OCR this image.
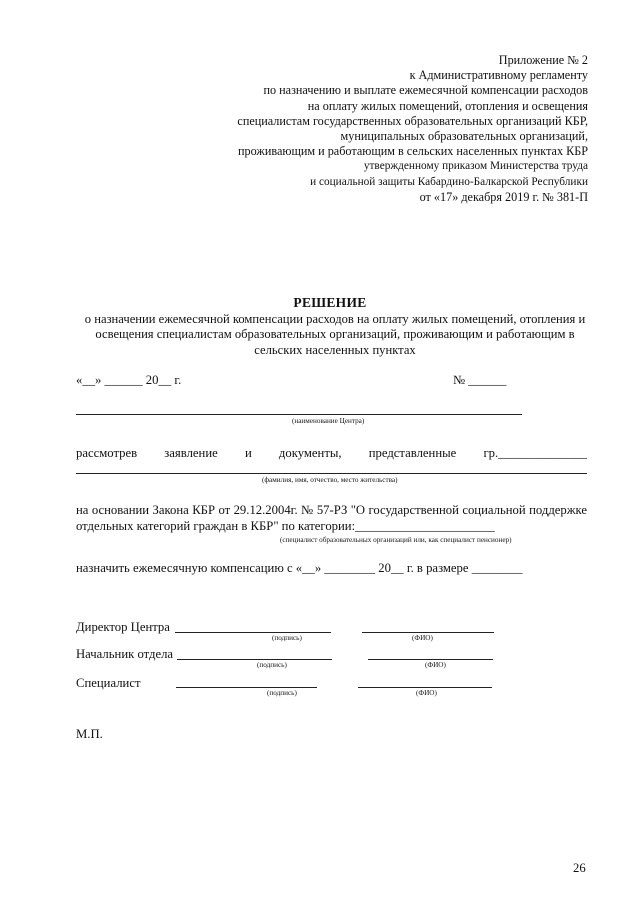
Приложение № 2
к Административному регламенту
по назначению и выплате ежемесячной компенсации расходов
на оплату жилых помещений, отопления и освещения
специалистам государственных образовательных организаций КБР,
муниципальных образовательных организаций,
проживающим и работающим в сельских населенных пунктах КБР
утвержденному приказом Министерства труда
и социальной защиты Кабардино-Балкарской Республики
от «17» декабря 2019 г. № 381-П
РЕШЕНИЕ
о назначении ежемесячной компенсации расходов на оплату жилых помещений, отопления и
освещения специалистам образовательных организаций, проживающим и работающим в
сельских населенных пунктах
«__» ______ 20__ г.	№ ______
(наименование Центра)
рассмотрев заявление и документы, представленные гр.______________
(фамилия, имя, отчество, место жительства)
на основании Закона КБР от 29.12.2004г. № 57-РЗ "О государственной социальной поддержке отдельных категорий граждан в КБР" по категории:______________________
(специалист образовательных организаций или, как специалист пенсионер)
назначить ежемесячную компенсацию с «__» ________ 20__ г. в размере ________
Директор Центра
(подпись)	(ФИО)
Начальник отдела
(подпись)	(ФИО)
Специалист
(подпись)	(ФИО)
М.П.
26
